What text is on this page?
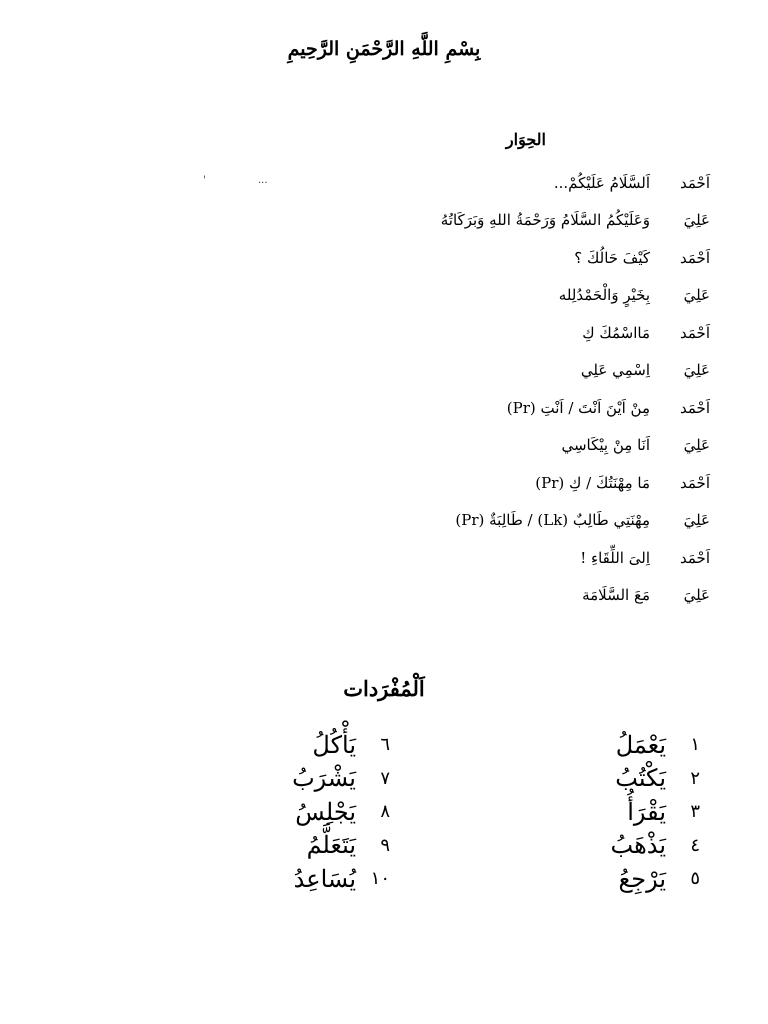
بِسْمِ اللَّهِ الرَّحْمَنِ الرَّحِيمِ
الحِوَار
...
'	اَحْمَد
اَلسَّلَامُ عَلَيْكُمْ...
عَلِيَ
وَعَلَيْكُمُ السَّلَامُ وَرَحْمَةُ اللهِ وَبَرَكَاتُهُ
اَحْمَد
كَيْفَ حَالُكَ ؟
عَلِيَ
بِخَيْرٍ وَالْحَمْدُلِله
اَحْمَد
مَااسْمُكَ كِ
عَلِيَ
اِسْمِي عَلِي
اَحْمَد
مِنْ اَيْنَ اَنْتَ / اَنْتِ (Pr)
عَلِيَ
اَنَا مِنْ بِيْكَاسِي
اَحْمَد
مَا مِهْنَتُكَ / كِ (Pr)
عَلِيَ
مِهْنَتِي طَالِبٌ (Lk) / طَالِبَةٌ (Pr)
اَحْمَد
اِلىَ اللِّقَاءِ !
عَلِيَ
مَعَ السَّلَامَة
اَلْمُفْرَدات
١
يَعْمَلُ
٢
يَكْتُبُ
٣
يَقْرَأُ
٤
يَذْهَبُ
٥
يَرْجِعُ
٦
يَأْكُلُ
٧
يَشْرَبُ
٨
يَجْلِسُ
٩
يَتَعَلَّمُ
١٠
يُسَاعِدُ
